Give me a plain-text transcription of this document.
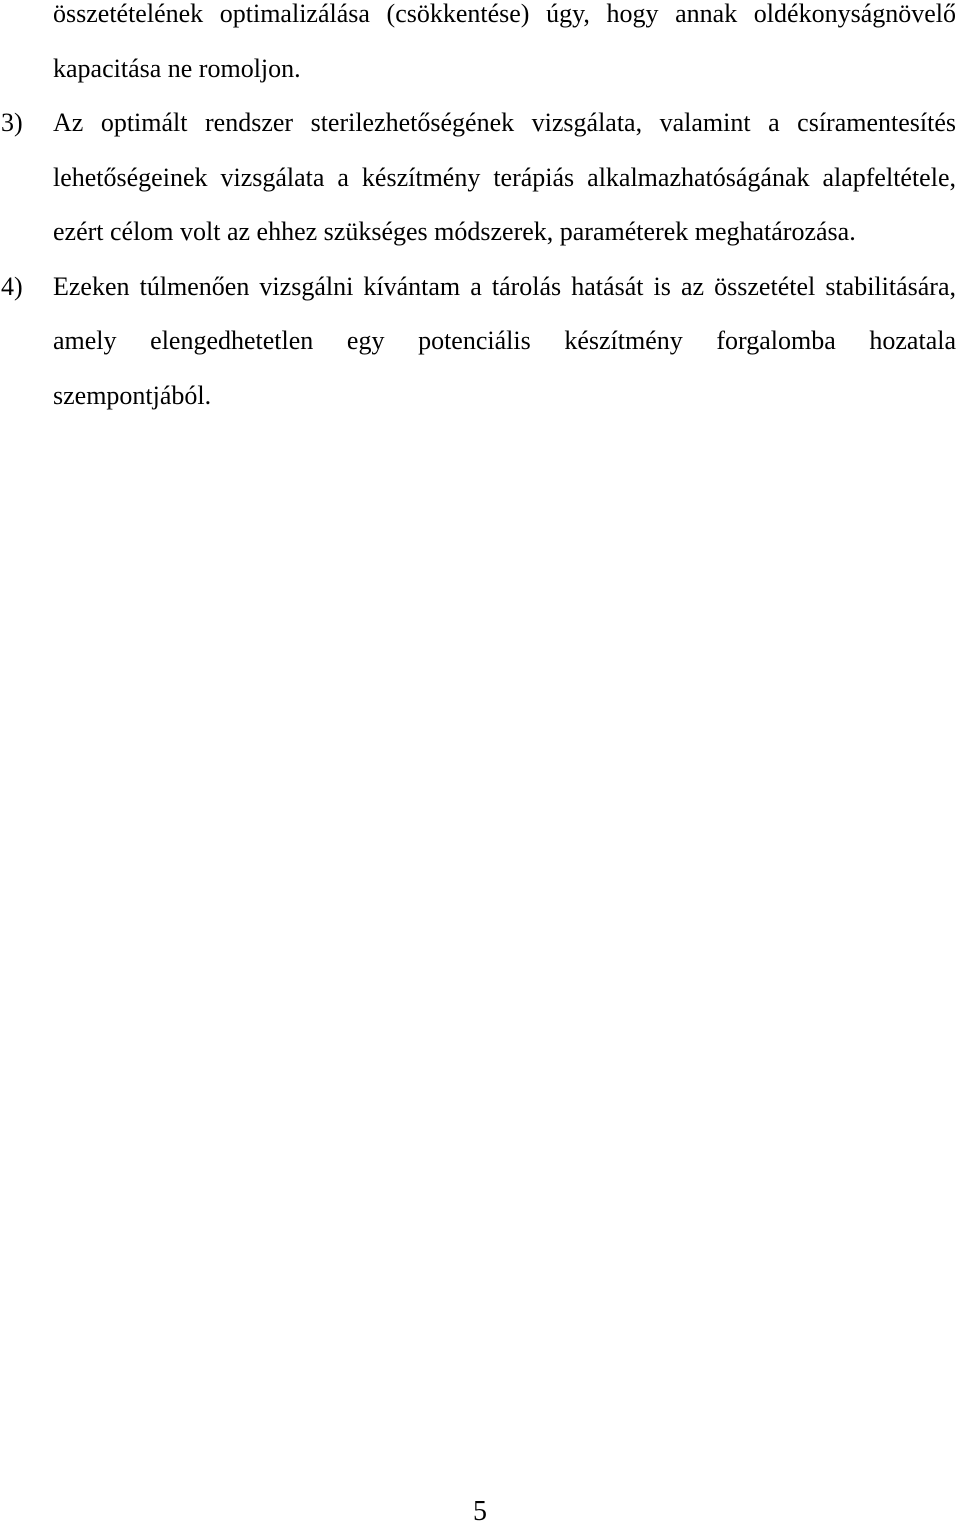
összetételének optimalizálása (csökkentése) úgy, hogy annak oldékonyságnövelő kapacitása ne romoljon.
3)	Az optimált rendszer sterilezhetőségének vizsgálata, valamint a csíramentesítés lehetőségeinek vizsgálata a készítmény terápiás alkalmazhatóságának alapfeltétele, ezért célom volt az ehhez szükséges módszerek, paraméterek meghatározása.
4)	Ezeken túlmenően vizsgálni kívántam a tárolás hatását is az összetétel stabilitására, amely elengedhetetlen egy potenciális készítmény forgalomba hozatala szempontjából.
5
